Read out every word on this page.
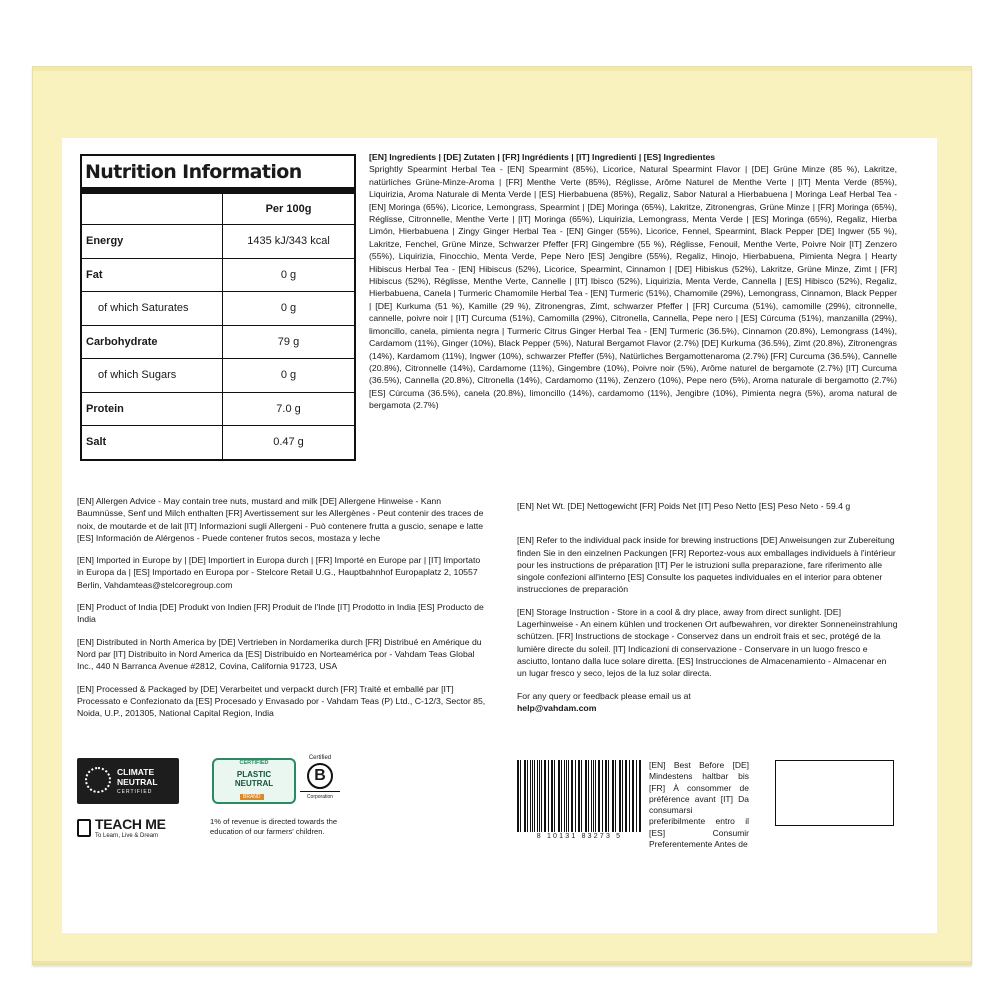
Nutrition Information
	Per 100g
Energy	1435 kJ/343 kcal
Fat	0 g
of which Saturates	0 g
Carbohydrate	79 g
of which Sugars	0 g
Protein	7.0 g
Salt	0.47 g
[EN] Ingredients | [DE] Zutaten | [FR] Ingrédients | [IT] Ingredienti | [ES] Ingredientes
Sprightly Spearmint Herbal Tea - [EN] Spearmint (85%), Licorice, Natural Spearmint Flavor | [DE] Grüne Minze (85 %), Lakritze, natürliches Grüne-Minze-Aroma | [FR] Menthe Verte (85%), Réglisse, Arôme Naturel de Menthe Verte | [IT] Menta Verde (85%), Liquirizia, Aroma Naturale di Menta Verde | [ES] Hierbabuena (85%), Regaliz, Sabor Natural a Hierbabuena | Moringa Leaf Herbal Tea - [EN] Moringa (65%), Licorice, Lemongrass, Spearmint | [DE] Moringa (65%), Lakritze, Zitronengras, Grüne Minze | [FR] Moringa (65%), Réglisse, Citronnelle, Menthe Verte | [IT] Moringa (65%), Liquirizia, Lemongrass, Menta Verde | [ES] Moringa (65%), Regaliz, Hierba Limón, Hierbabuena | Zingy Ginger Herbal Tea - [EN] Ginger (55%), Licorice, Fennel, Spearmint, Black Pepper [DE] Ingwer (55 %), Lakritze, Fenchel, Grüne Minze, Schwarzer Pfeffer [FR] Gingembre (55 %), Réglisse, Fenouil, Menthe Verte, Poivre Noir [IT] Zenzero (55%), Liquirizia, Finocchio, Menta Verde, Pepe Nero [ES] Jengibre (55%), Regaliz, Hinojo, Hierbabuena, Pimienta Negra | Hearty Hibiscus Herbal Tea - [EN] Hibiscus (52%), Licorice, Spearmint, Cinnamon | [DE] Hibiskus (52%), Lakritze, Grüne Minze, Zimt | [FR] Hibiscus (52%), Réglisse, Menthe Verte, Cannelle | [IT] Ibisco (52%), Liquirizia, Menta Verde, Cannella | [ES] Hibisco (52%), Regaliz, Hierbabuena, Canela | Turmeric Chamomile Herbal Tea - [EN] Turmeric (51%), Chamomile (29%), Lemongrass, Cinnamon, Black Pepper | [DE] Kurkuma (51 %), Kamille (29 %), Zitronengras, Zimt, schwarzer Pfeffer | [FR] Curcuma (51%), camomille (29%), citronnelle, cannelle, poivre noir | [IT] Curcuma (51%), Camomilla (29%), Citronella, Cannella, Pepe nero | [ES] Cúrcuma (51%), manzanilla (29%), limoncillo, canela, pimienta negra | Turmeric Citrus Ginger Herbal Tea - [EN] Turmeric (36.5%), Cinnamon (20.8%), Lemongrass (14%), Cardamom (11%), Ginger (10%), Black Pepper (5%), Natural Bergamot Flavor (2.7%) [DE] Kurkuma (36.5%), Zimt (20.8%), Zitronengras (14%), Kardamom (11%), Ingwer (10%), schwarzer Pfeffer (5%), Natürliches Bergamottenaroma (2.7%) [FR] Curcuma (36.5%), Cannelle (20.8%), Citronnelle (14%), Cardamome (11%), Gingembre (10%), Poivre noir (5%), Arôme naturel de bergamote (2.7%) [IT] Curcuma (36.5%), Cannella (20.8%), Citronella (14%), Cardamomo (11%), Zenzero (10%), Pepe nero (5%), Aroma naturale di bergamotto (2.7%) [ES] Cúrcuma (36.5%), canela (20.8%), limoncillo (14%), cardamomo (11%), Jengibre (10%), Pimienta negra (5%), aroma natural de bergamota (2.7%)

[EN] Allergen Advice - May contain tree nuts, mustard and milk [DE] Allergene Hinweise - Kann Baumnüsse, Senf und Milch enthalten [FR] Avertissement sur les Allergènes - Peut contenir des traces de noix, de moutarde et de lait [IT] Informazioni sugli Allergeni - Può contenere frutta a guscio, senape e latte [ES] Información de Alérgenos - Puede contener frutos secos, mostaza y leche

[EN] Imported in Europe by | [DE] Importiert in Europa durch | [FR] Importé en Europe par | [IT] Importato in Europa da | [ES] Importado en Europa por - Stelcore Retail U.G., Hauptbahnhof Europaplatz 2, 10557 Berlin, Vahdamteas@stelcoregroup.com

[EN] Product of India [DE] Produkt von Indien [FR] Produit de l'Inde [IT] Prodotto in India [ES] Producto de India

[EN] Distributed in North America by [DE] Vertrieben in Nordamerika durch [FR] Distribué en Amérique du Nord par [IT] Distribuito in Nord America da [ES] Distribuido en Norteamérica por - Vahdam Teas Global Inc., 440 N Barranca Avenue #2812, Covina, California 91723, USA

[EN] Processed & Packaged by [DE] Verarbeitet und verpackt durch [FR] Traité et emballé par [IT] Processato e Confezionato da [ES] Procesado y Envasado por - Vahdam Teas (P) Ltd., C-12/3, Sector 85, Noida, U.P., 201305, National Capital Region, India

CLIMATE
NEUTRAL
CERTIFIED
CERTIFIED
PLASTIC
NEUTRAL
BRAND
Certified
B
Corporation
TEACH ME
To Learn, Live & Dream
1% of revenue is directed towards the education of our farmers' children.

[EN] Net Wt. [DE] Nettogewicht [FR] Poids Net [IT] Peso Netto [ES] Peso Neto - 59.4 g

[EN] Refer to the individual pack inside for brewing instructions [DE] Anweisungen zur Zubereitung finden Sie in den einzelnen Packungen [FR] Reportez-vous aux emballages individuels à l'intérieur pour les instructions de préparation [IT] Per le istruzioni sulla preparazione, fare riferimento alle singole confezioni all'interno [ES] Consulte los paquetes individuales en el interior para obtener instrucciones de preparación

[EN] Storage Instruction - Store in a cool & dry place, away from direct sunlight. [DE] Lagerhinweise - An einem kühlen und trockenen Ort aufbewahren, vor direkter Sonneneinstrahlung schützen. [FR] Instructions de stockage - Conservez dans un endroit frais et sec, protégé de la lumière directe du soleil. [IT] Indicazioni di conservazione - Conservare in un luogo fresco e asciutto, lontano dalla luce solare diretta. [ES] Instrucciones de Almacenamiento - Almacenar en un lugar fresco y seco, lejos de la luz solar directa.

For any query or feedback please email us at

help@vahdam.com

8 10131 83273 5
[EN] Best Before [DE] Mindestens haltbar bis [FR] À consommer de préférence avant [IT] Da consumarsi preferibilmente entro il [ES] Consumir Preferentemente Antes de
